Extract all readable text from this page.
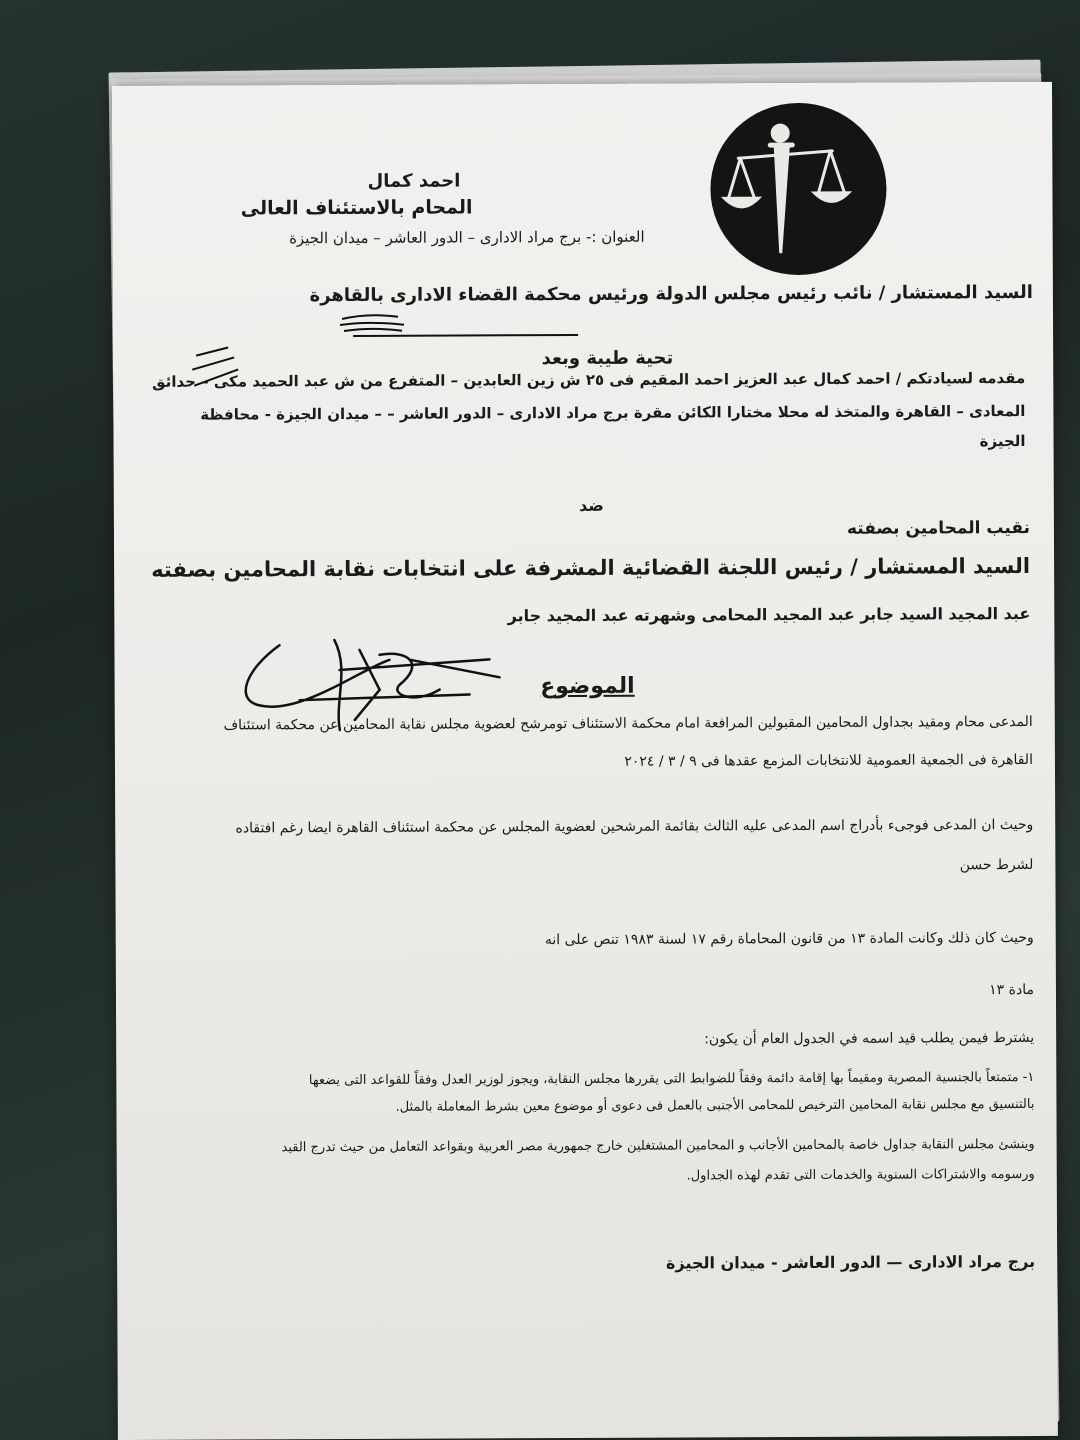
احمد كمال
المحام بالاستئناف العالى
العنوان :- برج مراد الادارى – الدور العاشر – ميدان الجيزة
السيد المستشار / نائب رئيس مجلس الدولة ورئيس محكمة القضاء الادارى بالقاهرة
تحية طيبة وبعد
مقدمه لسيادتكم / احمد كمال عبد العزيز احمد المقيم فى ٢٥ ش زين العابدين – المتفرع من ش عبد الحميد مكى – حدائق
المعادى – القاهرة والمتخذ له محلا مختارا الكائن مقرة برج مراد الادارى – الدور العاشر – – ميدان الجيزة - محافظة
الجيزة
ضد
نقيب المحامين بصفته
السيد المستشار / رئيس اللجنة القضائية المشرفة على انتخابات نقابة المحامين بصفته
عبد المجيد السيد جابر عبد المجيد المحامى وشهرته عبد المجيد جابر
الموضوع
المدعى محام ومقيد بجداول المحامين المقبولين المرافعة امام محكمة الاستئناف تومرشح لعضوية مجلس نقابة المحامين عن محكمة استئناف
القاهرة فى الجمعية العمومية للانتخابات المزمع عقدها فى ٩ / ٣ / ٢٠٢٤
وحيث ان المدعى فوجىء بأدراج اسم المدعى عليه الثالث بقائمة المرشحين لعضوية المجلس عن محكمة استئناف القاهرة ايضا رغم افتقاده
لشرط حسن
وحيث كان ذلك وكانت المادة ١٣ من قانون المحاماة رقم ١٧ لسنة ١٩٨٣ تنص على انه
مادة ١٣
يشترط فيمن يطلب قيد اسمه في الجدول العام أن يكون:
١- متمتعاً بالجنسية المصرية ومقيماً بها إقامة دائمة وفقاً للضوابط التى يقررها مجلس النقابة، ويجوز لوزير العدل وفقاً للقواعد التى يضعها
بالتنسيق مع مجلس نقابة المحامين الترخيص للمحامى الأجنبى بالعمل فى دعوى أو موضوع معين بشرط المعاملة بالمثل.
وينشئ مجلس النقابة جداول خاصة بالمحامين الأجانب و المحامين المشتغلين خارج جمهورية مصر العربية وبقواعد التعامل من حيث تدرج القيد
ورسومه والاشتراكات السنوية والخدمات التى تقدم لهذه الجداول.
برج مراد الادارى — الدور العاشر - ميدان الجيزة
